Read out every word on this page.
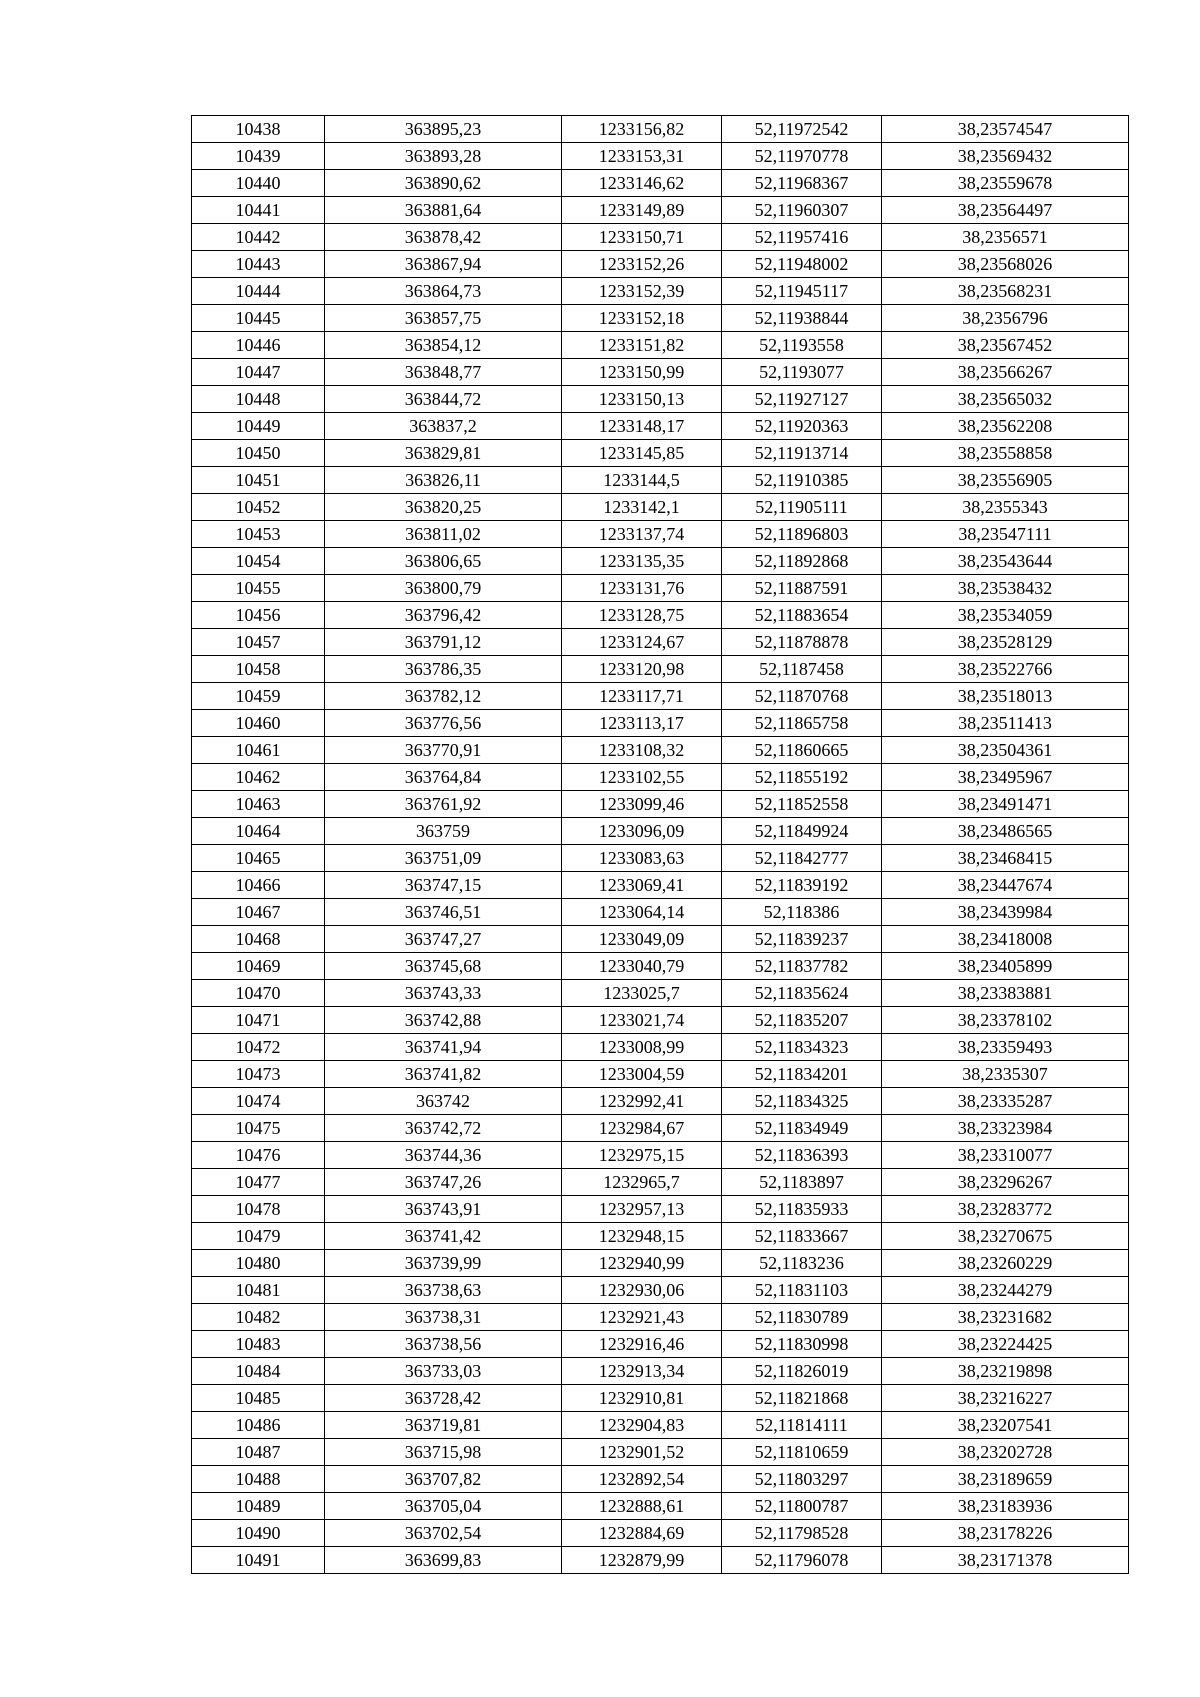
10438	363895,23	1233156,82	52,11972542	38,23574547
10439	363893,28	1233153,31	52,11970778	38,23569432
10440	363890,62	1233146,62	52,11968367	38,23559678
10441	363881,64	1233149,89	52,11960307	38,23564497
10442	363878,42	1233150,71	52,11957416	38,2356571
10443	363867,94	1233152,26	52,11948002	38,23568026
10444	363864,73	1233152,39	52,11945117	38,23568231
10445	363857,75	1233152,18	52,11938844	38,2356796
10446	363854,12	1233151,82	52,1193558	38,23567452
10447	363848,77	1233150,99	52,1193077	38,23566267
10448	363844,72	1233150,13	52,11927127	38,23565032
10449	363837,2	1233148,17	52,11920363	38,23562208
10450	363829,81	1233145,85	52,11913714	38,23558858
10451	363826,11	1233144,5	52,11910385	38,23556905
10452	363820,25	1233142,1	52,11905111	38,2355343
10453	363811,02	1233137,74	52,11896803	38,23547111
10454	363806,65	1233135,35	52,11892868	38,23543644
10455	363800,79	1233131,76	52,11887591	38,23538432
10456	363796,42	1233128,75	52,11883654	38,23534059
10457	363791,12	1233124,67	52,11878878	38,23528129
10458	363786,35	1233120,98	52,1187458	38,23522766
10459	363782,12	1233117,71	52,11870768	38,23518013
10460	363776,56	1233113,17	52,11865758	38,23511413
10461	363770,91	1233108,32	52,11860665	38,23504361
10462	363764,84	1233102,55	52,11855192	38,23495967
10463	363761,92	1233099,46	52,11852558	38,23491471
10464	363759	1233096,09	52,11849924	38,23486565
10465	363751,09	1233083,63	52,11842777	38,23468415
10466	363747,15	1233069,41	52,11839192	38,23447674
10467	363746,51	1233064,14	52,118386	38,23439984
10468	363747,27	1233049,09	52,11839237	38,23418008
10469	363745,68	1233040,79	52,11837782	38,23405899
10470	363743,33	1233025,7	52,11835624	38,23383881
10471	363742,88	1233021,74	52,11835207	38,23378102
10472	363741,94	1233008,99	52,11834323	38,23359493
10473	363741,82	1233004,59	52,11834201	38,2335307
10474	363742	1232992,41	52,11834325	38,23335287
10475	363742,72	1232984,67	52,11834949	38,23323984
10476	363744,36	1232975,15	52,11836393	38,23310077
10477	363747,26	1232965,7	52,1183897	38,23296267
10478	363743,91	1232957,13	52,11835933	38,23283772
10479	363741,42	1232948,15	52,11833667	38,23270675
10480	363739,99	1232940,99	52,1183236	38,23260229
10481	363738,63	1232930,06	52,11831103	38,23244279
10482	363738,31	1232921,43	52,11830789	38,23231682
10483	363738,56	1232916,46	52,11830998	38,23224425
10484	363733,03	1232913,34	52,11826019	38,23219898
10485	363728,42	1232910,81	52,11821868	38,23216227
10486	363719,81	1232904,83	52,11814111	38,23207541
10487	363715,98	1232901,52	52,11810659	38,23202728
10488	363707,82	1232892,54	52,11803297	38,23189659
10489	363705,04	1232888,61	52,11800787	38,23183936
10490	363702,54	1232884,69	52,11798528	38,23178226
10491	363699,83	1232879,99	52,11796078	38,23171378
